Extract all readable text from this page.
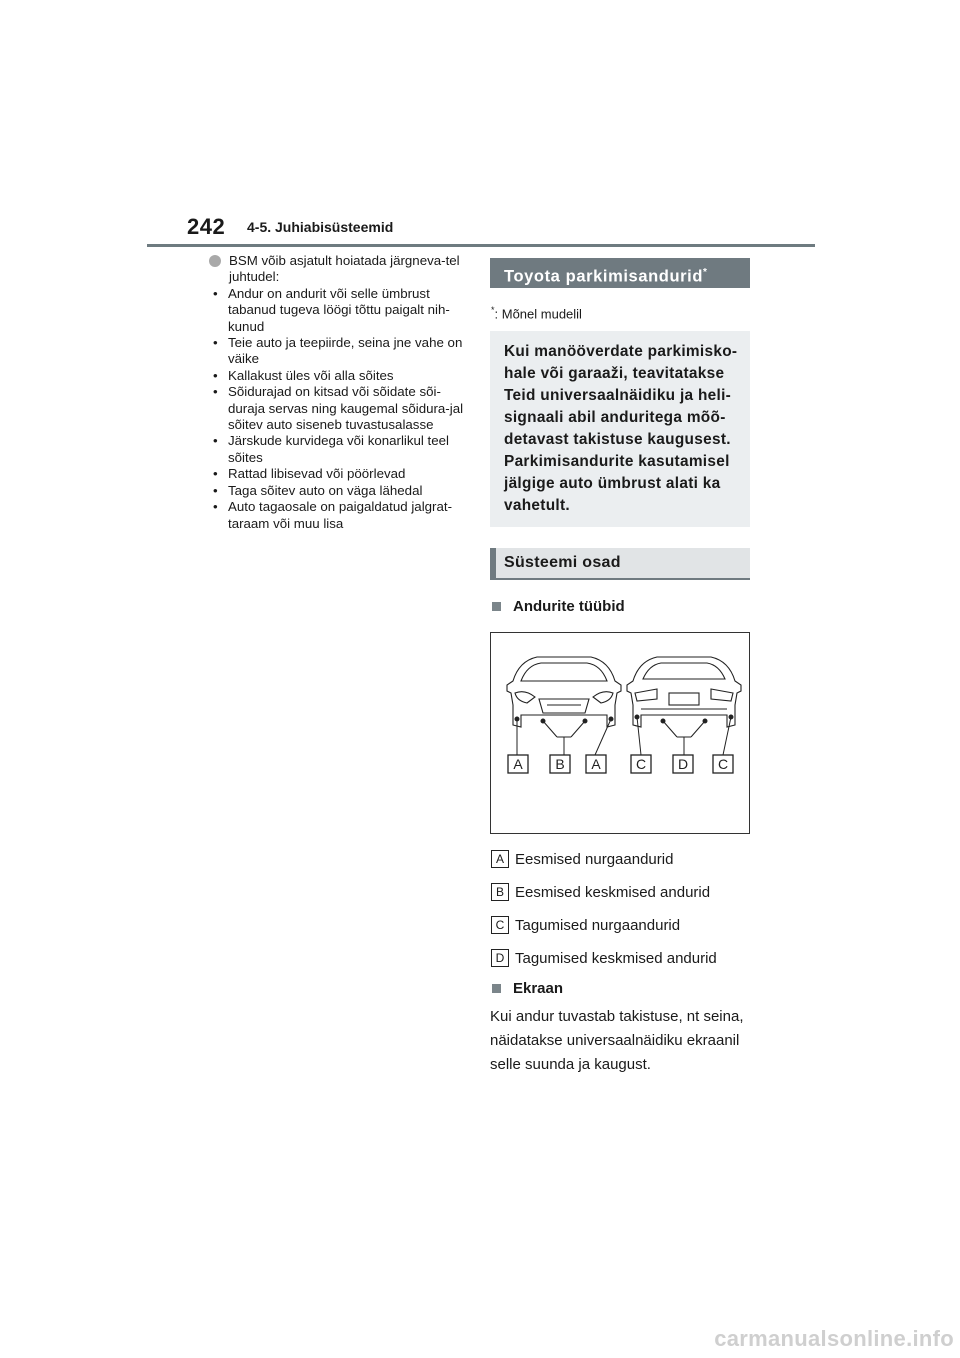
242 4-5. Juhiabisüsteemid
BSM võib asjatult hoiatada järgneva-tel juhtudel:
• Andur on andurit või selle ümbrust tabanud tugeva löögi tõttu paigalt nih-kunud
• Teie auto ja teepiirde, seina jne vahe on väike
• Kallakust üles või alla sõites
• Sõidurajad on kitsad või sõidate sõi-duraja servas ning kaugemal sõidura-jal sõitev auto siseneb tuvastusalasse
• Järskude kurvidega või konarlikul teel sõites
• Rattad libisevad või pöörlevad
• Taga sõitev auto on väga lähedal
• Auto tagaosale on paigaldatud jalgrat-taraam või muu lisa
Toyota parkimisandurid*
*: Mõnel mudelil
Kui manööverdate parkimisko-hale või garaaži, teavitatakse Teid universaalnäidiku ja heli-signaali abil anduritega mõõ-detavast takistuse kaugusest. Parkimisandurite kasutamisel jälgige auto ümbrust alati ka vahetult.
Süsteemi osad
Andurite tüübid
A B A	C D C
A Eesmised nurgaandurid
B Eesmised keskmised andurid
C Tagumised nurgaandurid
D Tagumised keskmised andurid
Ekraan
Kui andur tuvastab takistuse, nt seina, näidatakse universaalnäidiku ekraanil selle suunda ja kaugust.
carmanualsonline.info
